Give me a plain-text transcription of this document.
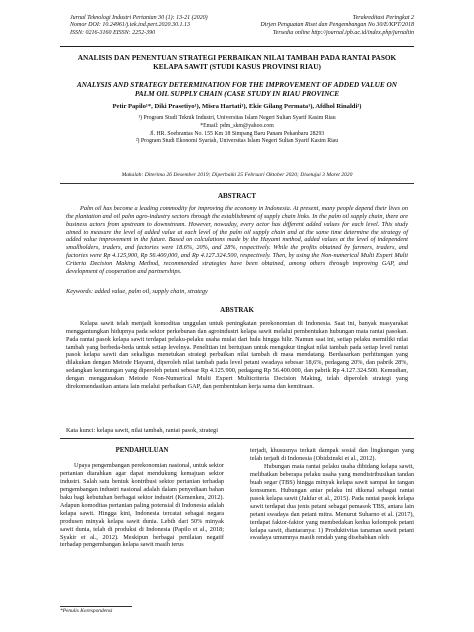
Jurnal Teknologi Industri Pertanian 30 (1): 13-21 (2020)
Nomor DOI: 10.24961/j.tek.ind.pert.2020.30.1.13
ISSN: 0216-3160 EISSN: 2252-390
Terakreditasi Peringkat 2
Dirjen Penguatan Riset dan Pengembangan No 30/E/KPT/2018
Tersedia online http://journal.ipb.ac.id/index.php/jurnaltin
ANALISIS DAN PENENTUAN STRATEGI PERBAIKAN NILAI TAMBAH PADA RANTAI PASOK KELAPA SAWIT (STUDI KASUS PROVINSI RIAU)
ANALYSIS AND STRATEGY DETERMINATION FOR THE IMPROVEMENT OF ADDED VALUE ON PALM OIL SUPPLY CHAIN (CASE STUDY IN RIAU PROVINCE
Petir Papilo¹*, Diki Prasetiyo¹), Misra Hartati¹), Ekie Gilang Permata¹), Afdhol Rinaldi²)
¹) Program Studi Teknik Industri, Universitas Islam Negeri Sultan Syarif Kasim Riau
*Email: pdm_skm@yahoo.com
Jl. HR. Soebrantas No. 155 Km 18 Simpang Baru Panam Pekanbaru 28293
²) Program Studi Ekonomi Syariah, Universitas Islam Negeri Sultan Syarif Kasim Riau
Makalah: Diterima 26 Desember 2019; Diperbaiki 25 Februari Oktober 2020; Disetujui 3 Maret 2020
ABSTRACT

Palm oil has become a leading commodity for improving the economy in Indonesia. At present, many people depend their lives on the plantation and oil palm agro-industry sectors through the establishment of supply chain links. In the palm oil supply chain, there are business actors from upstream to downstream. However, nowaday, every actor has different added values for each level. This study aimed to measure the level of added value at each level of the palm oil supply chain and at the same time determine the strategy of added value improvement in the future. Based on calculations made by the Hayami method, added values at the level of independent smallholders, traders, and factories were 18.6%, 20%, and 28%, respectively. While the profits obtained by farmers, traders, and factories were Rp 4.125,900, Rp 56.400,000, and Rp 4.127.324.500, respectively. Then, by using the Non-numerical Multi Expert Multi Criteria Decision Making Method, recommended strategies have been obtained, among others through improving GAP, and development of cooperation and partnerships.

Keywords: added value, palm oil, supply chain, strategy
ABSTRAK

Kelapa sawit telah menjadi komoditas unggulan untuk peningkatan perekonomian di Indonesia. Saat ini, banyak masyarakat menggantungkan hidupnya pada sektor perkebunan dan agroindustri kelapa sawit melalui pembentukan hubungan mata rantai pasokan. Pada rantai pasok kelapa sawit terdapat pelaku-pelaku usaha mulai dari hulu hingga hilir. Namun saat ini, setiap pelaku memiliki nilai tambah yang berbeda-beda untuk setiap levelnya. Penelitian ini bertujuan untuk mengukur tingkat nilai tambah pada setiap level rantai pasok kelapa sawit dan sekaligus menetukan strategi perbaikan nilai tambah di masa mendatang. Berdasarkan perhitungan yang dilakukan dengan Metode Hayami, diperoleh nilai tambah pada level petani swadaya sebesar 18,6%, pedagang 20%, dan pabrik 28%, sedangkan keuntungan yang diperoleh petani sebesar Rp 4.125.900, pedagang Rp 56.400.000, dan pabrik Rp 4.127.324.500. Kemudian, dengan menggunakan Metode Non-Numerical Multi Expert Multicriteria Decision Making, telah diperoleh strategi yang direkomendasikan antara lain melalui perbaikan GAP, dan pembentukan kerja sama dan kemitraan.

Kata kunci: kelapa sawit, nilai tambah, rantai pasok, strategi
PENDAHULUAN

Upaya pengembangan perekonomian nasional, untuk sektor pertanian diarahkan agar dapat mendukung kemajuan sektor industri. Salah satu bentuk kontribusi sektor pertanian terhadap pengembangan industri nasional adalah dalam penyediaan bahan baku bagi kebutuhan berbagai sektor industri (Kemenkeu, 2012). Adapun komoditas pertanian paling potensial di Indonesia adalah kelapa sawit. Hingga kini, Indonesia tercatat sebagai negara produsen minyak kelapa sawit dunia. Lebih dari 50% minyak sawit dunia, telah di produksi di Indonesia (Papilo et al., 2018; Syakir et al., 2012). Meskipun berbagai penilaian negatif terhadap pengembangan kelapa sawit masih terus

terjadi, khususnya terkait dampak sosial dan lingkungan yang telah terjadi di Indonesia (Obidzinski et al., 2012).

Hubungan mata rantai pelaku usaha dibidang kelapa sawit, melibatkan beberapa pelaku usaha yang mendistribusikan tandan buah segar (TBS) hingga minyak kelapa sawit sampai ke tangan konsumen. Hubungan antar pelaku ini dikenal sebagai rantai pasok kelapa sawit (Jakfar et al., 2015). Pada rantai pasok kelapa sawit terdapat dua jenis petani sebagai pemasok TBS, antara lain petani swadaya dan petani mitra. Menurut Suharno et al. (2017), terdapat faktor-faktor yang membedakan kedua kelompok petani kelapa sawit, diantaranya: 1) Produktivitas tanaman sawit petani swadaya umumnya masih rendah yang disebabkan oleh

*Penulis Korespondensi
